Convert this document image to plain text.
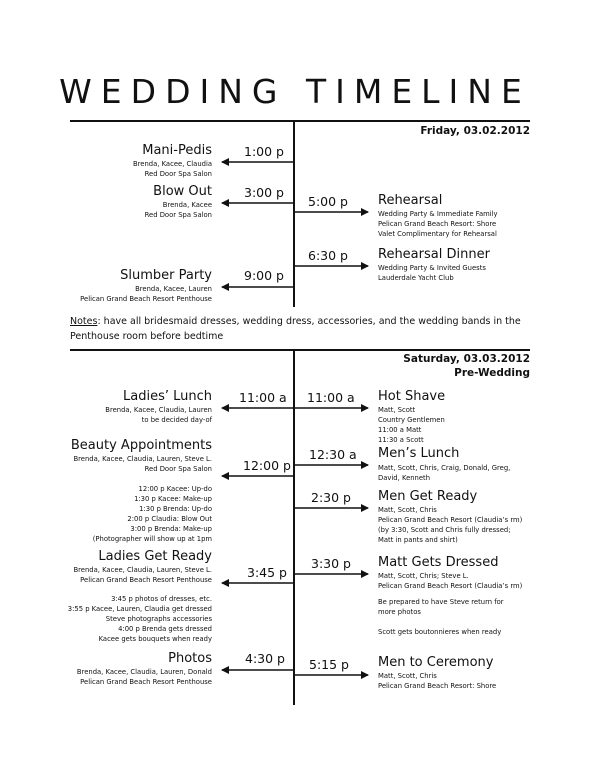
WEDDING TIMELINE
Friday, 03.02.2012
Mani-Pedis	1:00 p
Brenda, Kacee, Claudia
Red Door Spa Salon
Blow Out	3:00 p
Brenda, Kacee
Red Door Spa Salon
5:00 p Rehearsal
Wedding Party & Immediate Family
Pelican Grand Beach Resort: Shore
Valet Complimentary for Rehearsal
6:30 p Rehearsal Dinner
Wedding Party & Invited Guests
Lauderdale Yacht Club
Slumber Party	9:00 p
Brenda, Kacee, Lauren
Pelican Grand Beach Resort Penthouse
Notes: have all bridesmaid dresses, wedding dress, accessories, and the wedding bands in the Penthouse room before bedtime
Saturday, 03.03.2012
Pre-Wedding
Ladies’ Lunch 11:00 a
Brenda, Kacee, Claudia, Lauren
to be decided day-of
11:00 a Hot Shave
Matt, Scott
Country Gentlemen
11:00 a Matt
11:30 a Scott
Beauty Appointments
Brenda, Kacee, Claudia, Lauren, Steve L.
Red Door Spa Salon 12:00 p
12:00 p Kacee: Up-do
1:30 p Kacee: Make-up
1:30 p Brenda: Up-do
2:00 p Claudia: Blow Out
3:00 p Brenda: Make-up
(Photographer will show up at 1pm
12:30 a Men’s Lunch
Matt, Scott, Chris, Craig, Donald, Greg,
David, Kenneth
2:30 p Men Get Ready
Matt, Scott, Chris
Pelican Grand Beach Resort (Claudia’s rm)
(by 3:30, Scott and Chris fully dressed;
Matt in pants and shirt)
Ladies Get Ready
Brenda, Kacee, Claudia, Lauren, Steve L.
Pelican Grand Beach Resort Penthouse	3:45 p
3:45 p photos of dresses, etc.
3:55 p Kacee, Lauren, Claudia get dressed
Steve photographs accessories
4:00 p Brenda gets dressed
Kacee gets bouquets when ready
3:30 p Matt Gets Dressed
Matt, Scott, Chris; Steve L.
Pelican Grand Beach Resort (Claudia’s rm)
Be prepared to have Steve return for
more photos
Scott gets boutonnieres when ready
Photos	4:30 p
Brenda, Kacee, Claudia, Lauren, Donald
Pelican Grand Beach Resort Penthouse
5:15 p Men to Ceremony
Matt, Scott, Chris
Pelican Grand Beach Resort: Shore
